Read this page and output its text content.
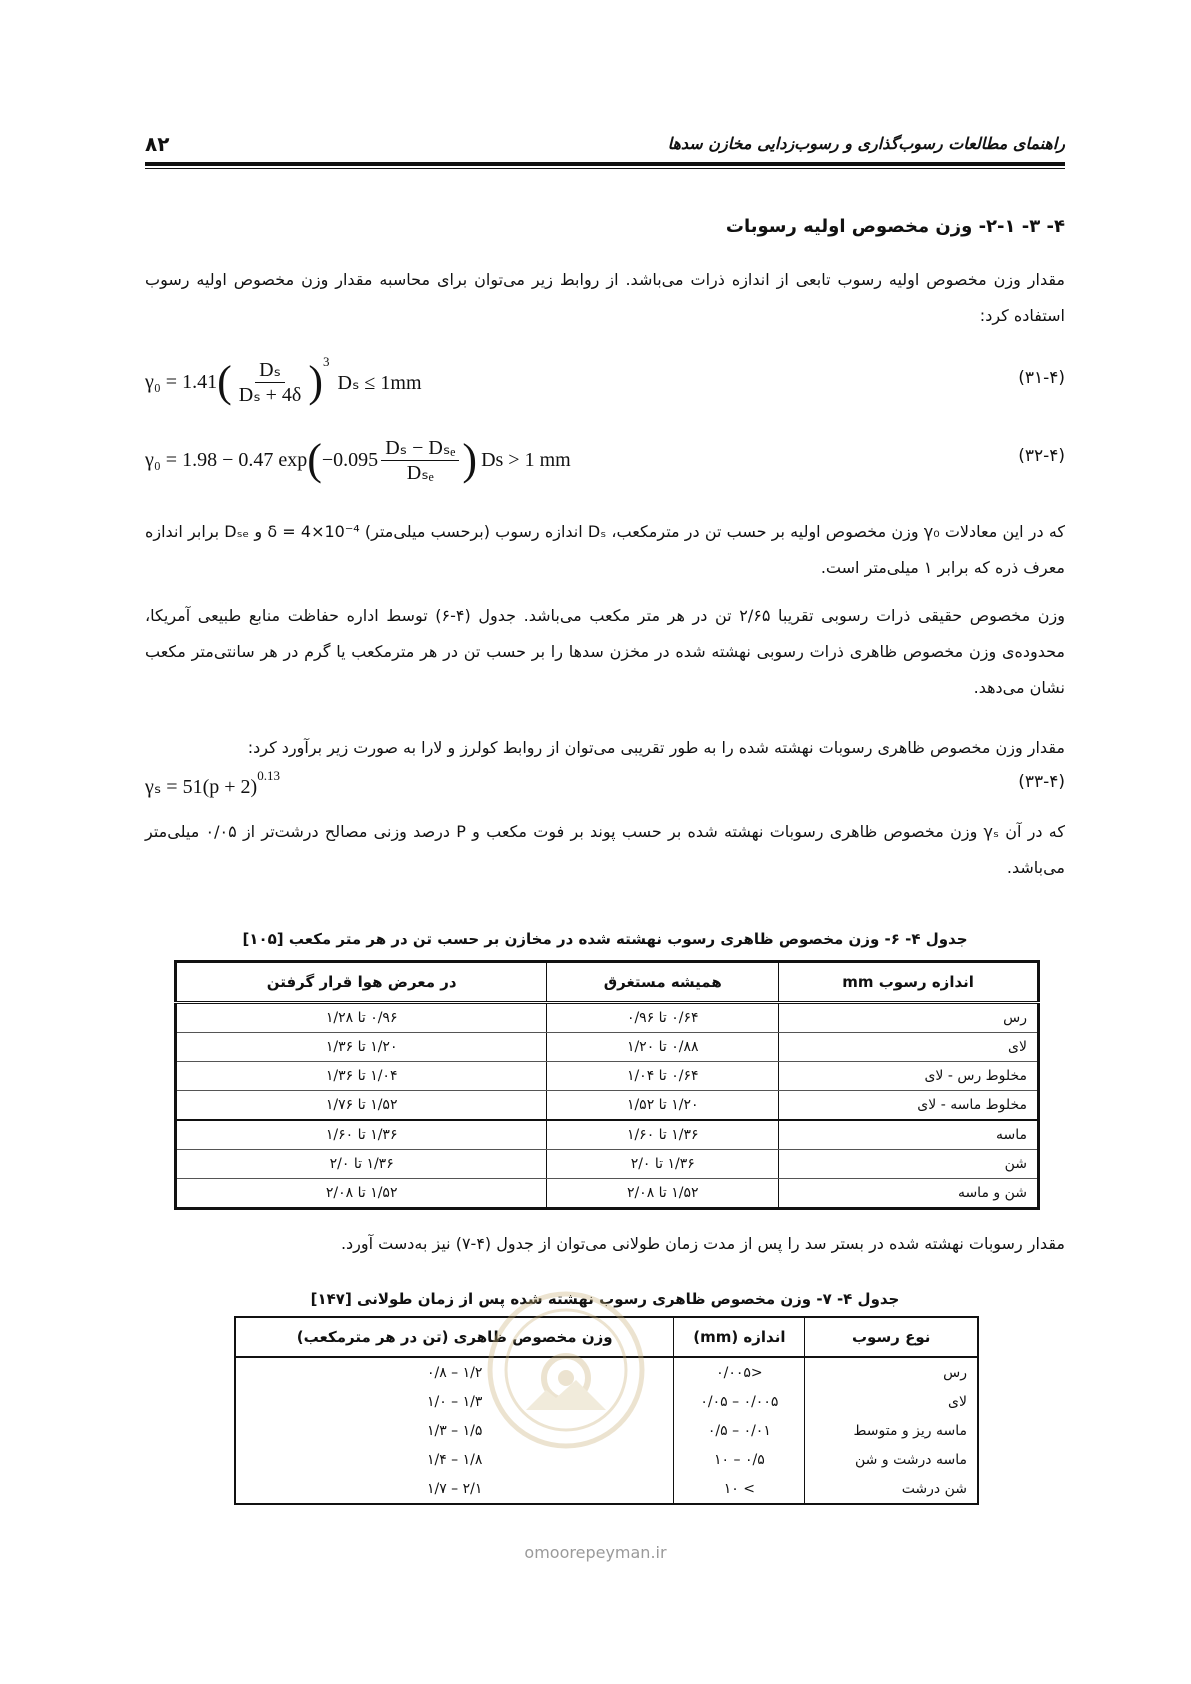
۸۲	راهنمای مطالعات رسوب‌گذاری و رسوب‌زدایی مخازن سدها
۴- ۳- ۲-۱- وزن مخصوص اولیه رسوبات
مقدار وزن مخصوص اولیه رسوب تابعی از اندازه ذرات می‌باشد. از روابط زیر می‌توان برای محاسبه مقدار وزن مخصوص اولیه رسوب استفاده کرد:
γ₀ = 1.41 ( $\frac{\text{Dₛ}}{\text{Dₛ + 4δ}} )^3$
Dₛ ≤ 1mm	(۳۱-۴)
γ₀ = 1.98 − 0.47 exp ( $-0.095 \frac{\text{Dₛ − Dₛₑ}}{\text{Dₛₑ}}$ ) Ds > 1 mm	(۳۲-۴)
که در این معادلات γ₀ وزن مخصوص اولیه بر حسب تن در مترمکعب، Dₛ اندازه رسوب (برحسب میلی‌متر) δ = 4×10⁻⁴ و Dₛₑ برابر اندازه معرف ذره که برابر ۱ میلی‌متر است.
وزن مخصوص حقیقی ذرات رسوبی تقریبا ۲/۶۵ تن در هر متر مکعب می‌باشد. جدول (۴-۶) توسط اداره حفاظت منابع طبیعی آمریکا، محدوده‌ی وزن مخصوص ظاهری ذرات رسوبی نهشته شده در مخزن سدها را بر حسب تن در هر مترمکعب یا گرم در هر سانتی‌متر مکعب نشان می‌دهد.
مقدار وزن مخصوص ظاهری رسوبات نهشته شده را به طور تقریبی می‌توان از روابط کولرز و لارا به صورت زیر برآورد کرد:
$\gamma_s = 51(p + 2)^{0.13}$	(۳۳-۴)
که در آن γₛ وزن مخصوص ظاهری رسوبات نهشته شده بر حسب پوند بر فوت مکعب و P درصد وزنی مصالح درشت‌تر از ۰/۰۵ میلی‌متر می‌باشد.
جدول ۴- ۶- وزن مخصوص ظاهری رسوب نهشته شده در مخازن بر حسب تن در هر متر مکعب [۱۰۵]
اندازه رسوب mm	همیشه مستغرق	در معرض هوا قرار گرفتن
رس	۰/۶۴ تا ۰/۹۶	۰/۹۶ تا ۱/۲۸
لای	۰/۸۸ تا ۱/۲۰	۱/۲۰ تا ۱/۳۶
مخلوط رس - لای	۰/۶۴ تا ۱/۰۴	۱/۰۴ تا ۱/۳۶
مخلوط ماسه - لای	۱/۲۰ تا ۱/۵۲	۱/۵۲ تا ۱/۷۶
ماسه	۱/۳۶ تا ۱/۶۰	۱/۳۶ تا ۱/۶۰
شن	۱/۳۶ تا ۲/۰	۱/۳۶ تا ۲/۰
شن و ماسه	۱/۵۲ تا ۲/۰۸	۱/۵۲ تا ۲/۰۸
مقدار رسوبات نهشته شده در بستر سد را پس از مدت زمان طولانی می‌توان از جدول (۴-۷) نیز به‌دست آورد.
جدول ۴- ۷- وزن مخصوص ظاهری رسوب نهشته شده پس از زمان طولانی [۱۴۷]
نوع رسوب	اندازه (mm)	وزن مخصوص ظاهری (تن در هر مترمکعب)
رس	<۰/۰۰۵	۱/۲ – ۰/۸
لای	۰/۰۰۵ – ۰/۰۵	۱/۳ – ۱/۰
ماسه ریز و متوسط	۰/۰۱ – ۰/۵	۱/۵ – ۱/۳
ماسه درشت و شن	۰/۵ – ۱۰	۱/۸ – ۱/۴
شن درشت	> ۱۰	۲/۱ – ۱/۷
omoorepeyman.ir
